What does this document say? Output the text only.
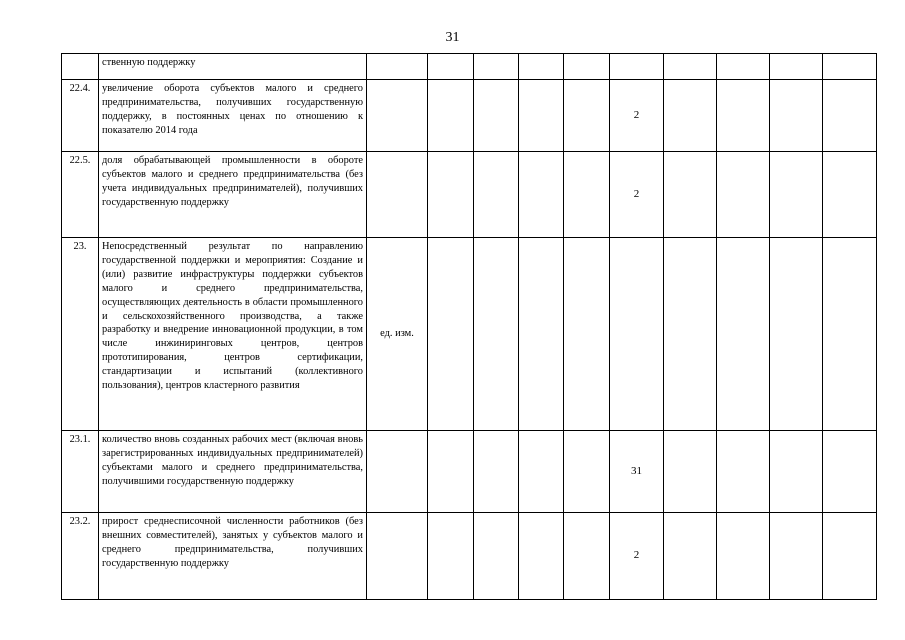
31
	ственную поддержку										
22.4.	увеличение оборота субъектов малого и среднего предпринимательства, получивших государственную поддержку, в постоянных ценах по отношению к показателю 2014 года						2				
22.5.	доля обрабатывающей промышленности в обороте субъектов малого и среднего предпринимательства (без учета индивидуальных предпринимателей), получивших государственную поддержку						2				
23.	Непосредственный результат по направлению государственной поддержки и мероприятия: Создание и (или) развитие инфраструктуры поддержки субъектов малого и среднего предпринимательства, осуществляющих деятельность в области промышленного и сельскохозяйственного производства, а также разработку и внедрение инновационной продукции, в том числе инжиниринговых центров, центров прототипирования, центров сертификации, стандартизации и испытаний (коллективного пользования), центров кластерного развития	ед. изм.									
23.1.	количество вновь созданных рабочих мест (включая вновь зарегистрированных индивидуальных предпринимателей) субъектами малого и среднего предпринимательства, получившими государственную поддержку						31				
23.2.	прирост среднесписочной численности работников (без внешних совместителей), занятых у субъектов малого и среднего предпринимательства, получивших государственную поддержку						2				
